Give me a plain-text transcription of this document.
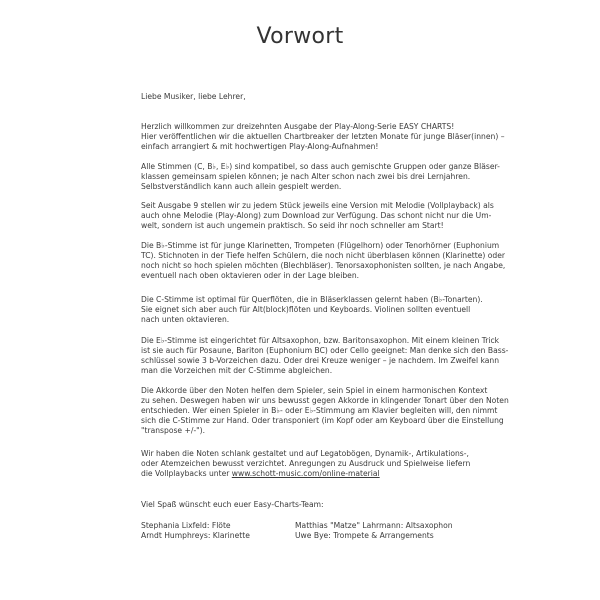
Vorwort
Liebe Musiker, liebe Lehrer,
Herzlich willkommen zur dreizehnten Ausgabe der Play-Along-Serie EASY CHARTS!
Hier veröffentlichen wir die aktuellen Chartbreaker der letzten Monate für junge Bläser(innen) –
einfach arrangiert & mit hochwertigen Play-Along-Aufnahmen!
Alle Stimmen (C, B♭, E♭) sind kompatibel, so dass auch gemischte Gruppen oder ganze Bläser-
klassen gemeinsam spielen können; je nach Alter schon nach zwei bis drei Lernjahren.
Selbstverständlich kann auch allein gespielt werden.
Seit Ausgabe 9 stellen wir zu jedem Stück jeweils eine Version mit Melodie (Vollplayback) als
auch ohne Melodie (Play-Along) zum Download zur Verfügung. Das schont nicht nur die Um-
welt, sondern ist auch ungemein praktisch. So seid ihr noch schneller am Start!
Die B♭-Stimme ist für junge Klarinetten, Trompeten (Flügelhorn) oder Tenorhörner (Euphonium
TC). Stichnoten in der Tiefe helfen Schülern, die noch nicht überblasen können (Klarinette) oder
noch nicht so hoch spielen möchten (Blechbläser). Tenorsaxophonisten sollten, je nach Angabe,
eventuell nach oben oktavieren oder in der Lage bleiben.
Die C-Stimme ist optimal für Querflöten, die in Bläserklassen gelernt haben (B♭-Tonarten).
Sie eignet sich aber auch für Alt(block)flöten und Keyboards. Violinen sollten eventuell
nach unten oktavieren.
Die E♭-Stimme ist eingerichtet für Altsaxophon, bzw. Baritonsaxophon. Mit einem kleinen Trick
ist sie auch für Posaune, Bariton (Euphonium BC) oder Cello geeignet: Man denke sich den Bass-
schlüssel sowie 3 b-Vorzeichen dazu. Oder drei Kreuze weniger – je nachdem. Im Zweifel kann
man die Vorzeichen mit der C-Stimme abgleichen.
Die Akkorde über den Noten helfen dem Spieler, sein Spiel in einem harmonischen Kontext
zu sehen. Deswegen haben wir uns bewusst gegen Akkorde in klingender Tonart über den Noten
entschieden. Wer einen Spieler in B♭- oder E♭-Stimmung am Klavier begleiten will, den nimmt
sich die C-Stimme zur Hand. Oder transponiert (im Kopf oder am Keyboard über die Einstellung
"transpose +/-").
Wir haben die Noten schlank gestaltet und auf Legatobögen, Dynamik-, Artikulations-,
oder Atemzeichen bewusst verzichtet. Anregungen zu Ausdruck und Spielweise liefern
die Vollplaybacks unter www.schott-music.com/online-material
Viel Spaß wünscht euch euer Easy-Charts-Team:
Stephania Lixfeld: Flöte
Arndt Humphreys: Klarinette
Matthias "Matze" Lahrmann: Altsaxophon
Uwe Bye: Trompete & Arrangements
